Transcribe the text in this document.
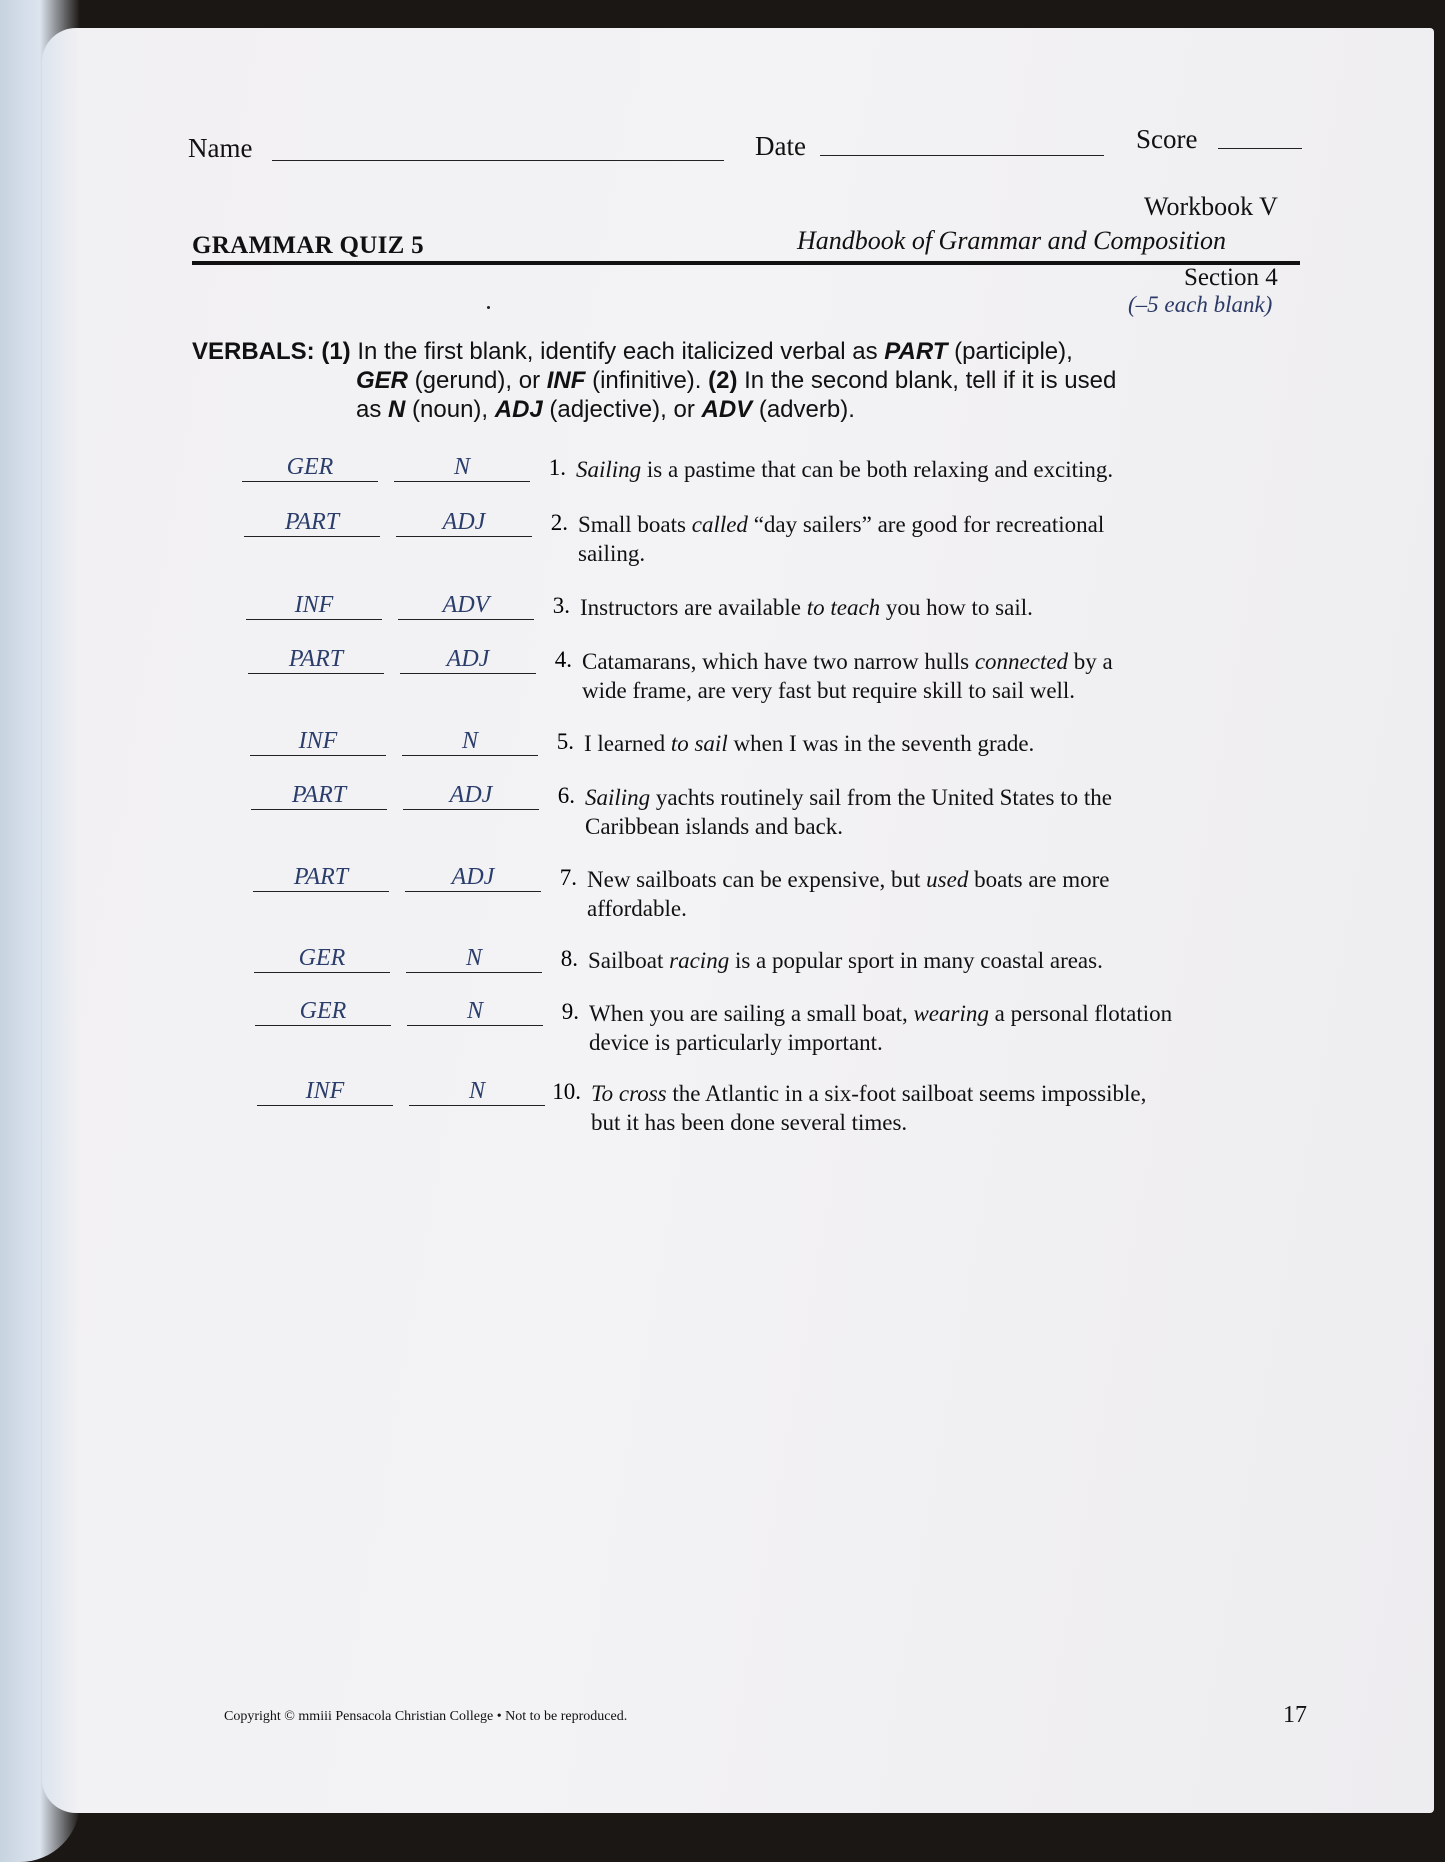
Name	Date	Score
Workbook V
GRAMMAR QUIZ 5	Handbook of Grammar and Composition
Section 4
(–5 each blank)
VERBALS: (1) In the first blank, identify each italicized verbal as PART (participle),
GER (gerund), or INF (infinitive). (2) In the second blank, tell if it is used
as N (noun), ADJ (adjective), or ADV (adverb).
GER	N	1. Sailing is a pastime that can be both relaxing and exciting.
PART	ADJ	2. Small boats called “day sailers” are good for recreational
sailing.
INF	ADV	3. Instructors are available to teach you how to sail.
PART	ADJ	4. Catamarans, which have two narrow hulls connected by a
wide frame, are very fast but require skill to sail well.
INF	N	5. I learned to sail when I was in the seventh grade.
PART	ADJ	6. Sailing yachts routinely sail from the United States to the
Caribbean islands and back.
PART	ADJ	7. New sailboats can be expensive, but used boats are more
affordable.
GER	N	8. Sailboat racing is a popular sport in many coastal areas.
GER	N	9. When you are sailing a small boat, wearing a personal flotation
device is particularly important.
INF	N	10. To cross the Atlantic in a six-foot sailboat seems impossible,
but it has been done several times.
Copyright © mmiii Pensacola Christian College • Not to be reproduced.	17
